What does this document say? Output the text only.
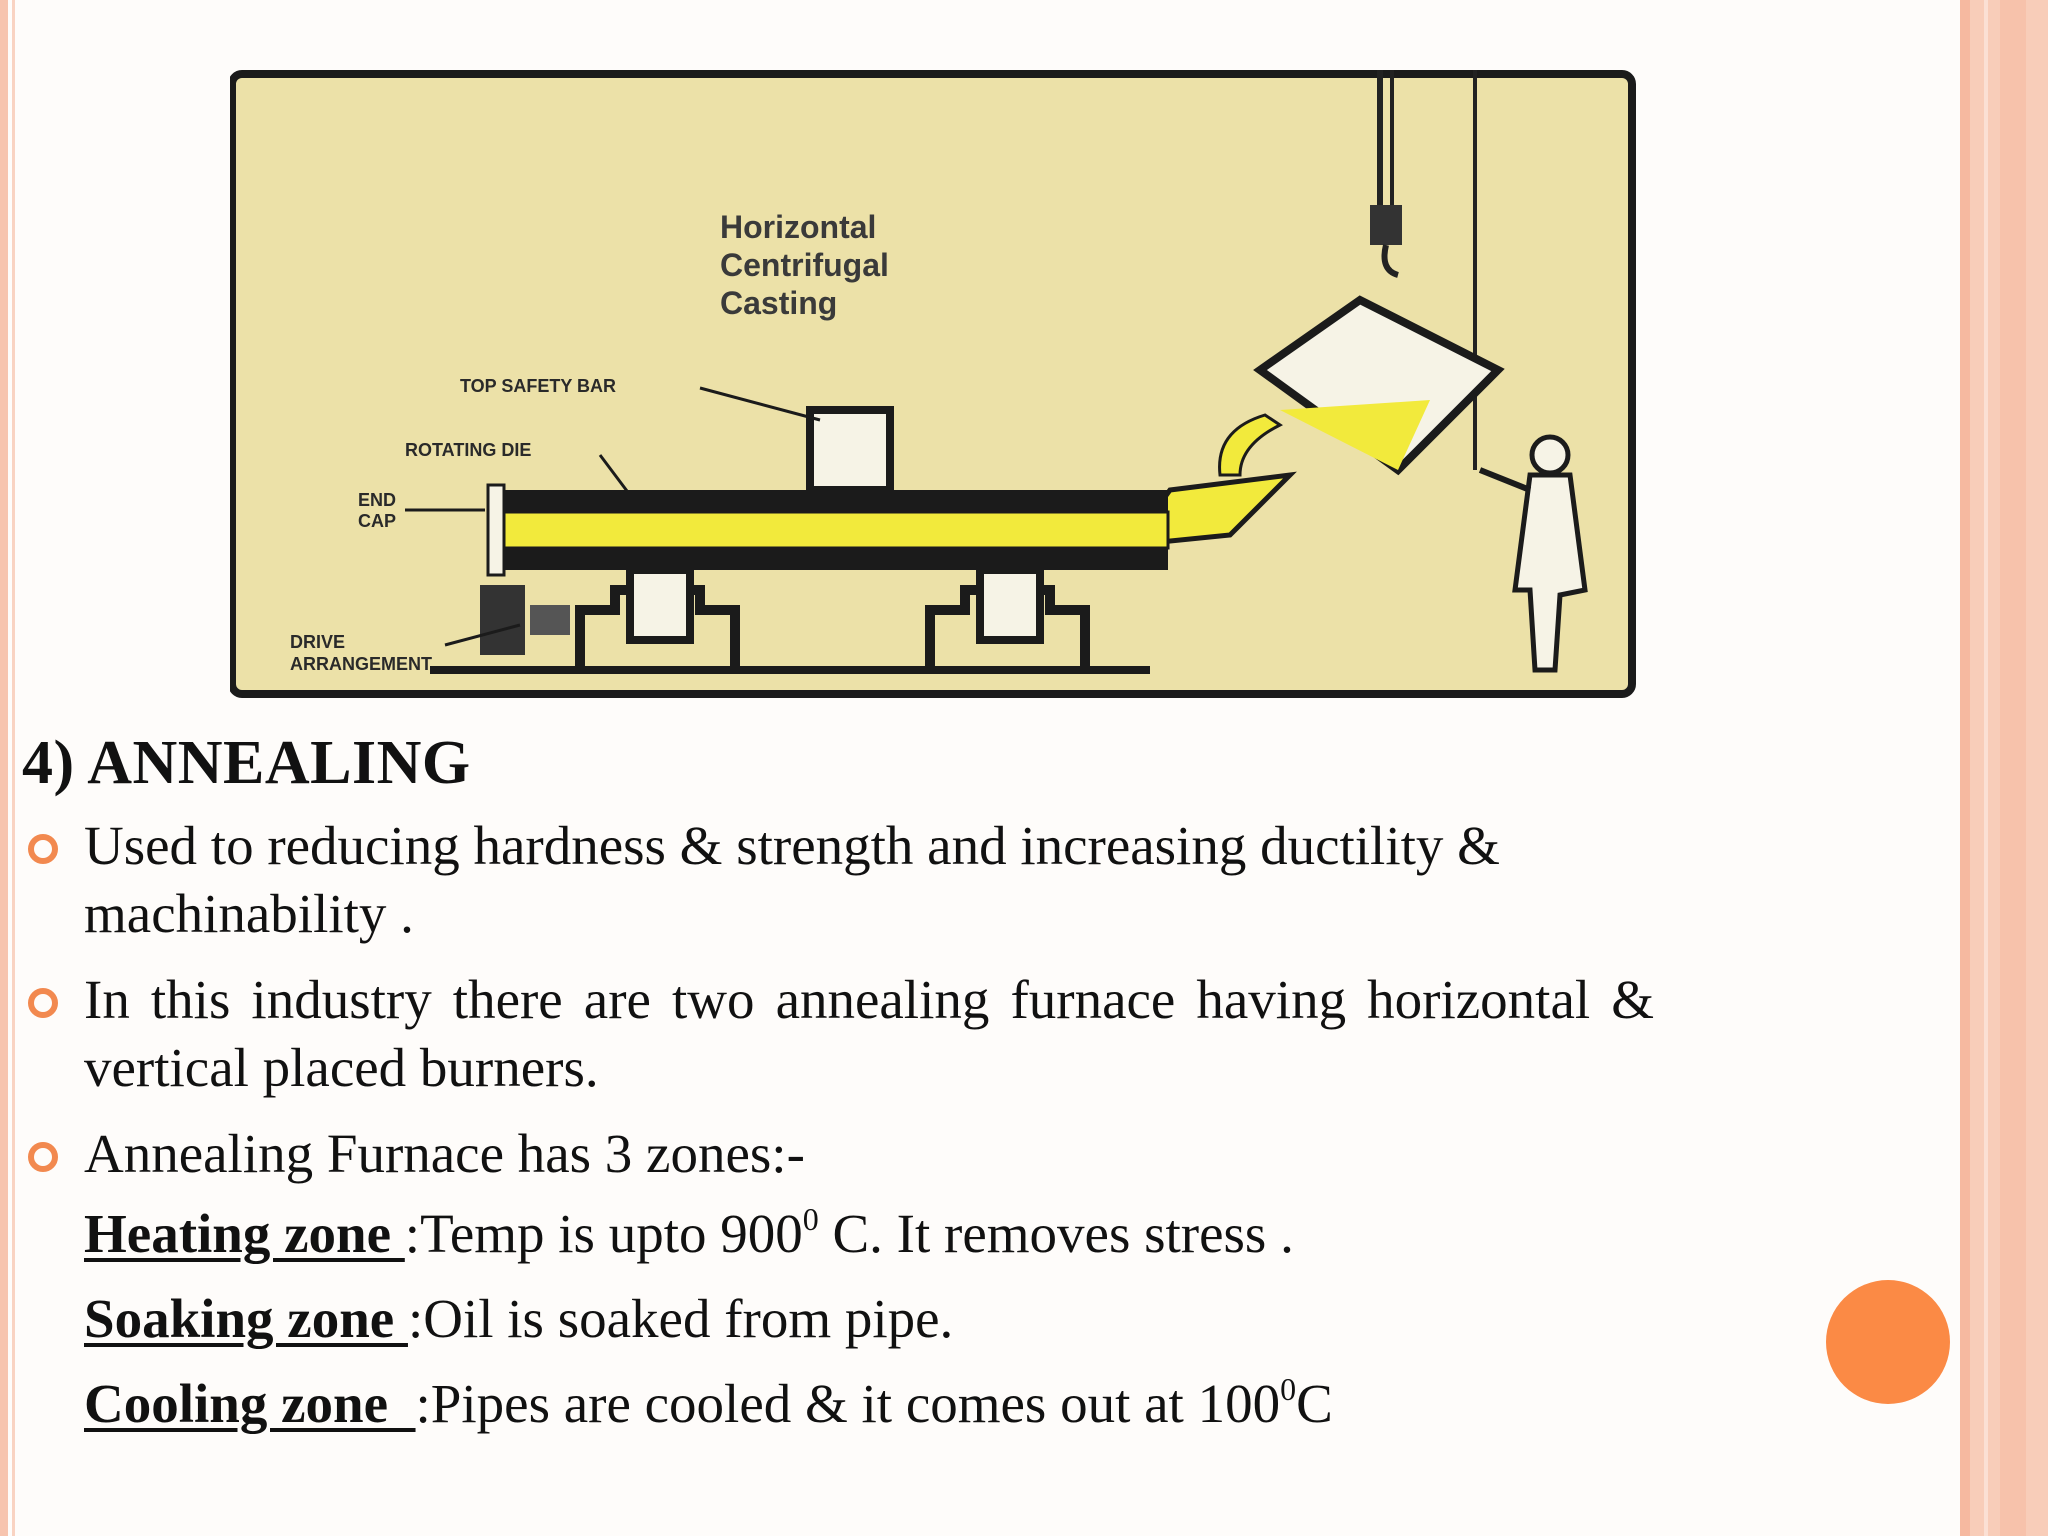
Horizontal
Centrifugal
Casting
TOP SAFETY BAR
ROTATING DIE
END
CAP
DRIVE
ARRANGEMENT
4) ANNEALING
Used to reducing hardness & strength and increasing ductility & machinability .
In this industry there are two annealing furnace having horizontal & vertical placed burners.
Annealing Furnace has 3 zones:-
Heating zone :Temp is upto $900^0$ C. It removes stress .
Soaking zone :Oil is soaked from pipe.
Cooling zone  :Pipes are cooled & it comes out at $100^0C$
